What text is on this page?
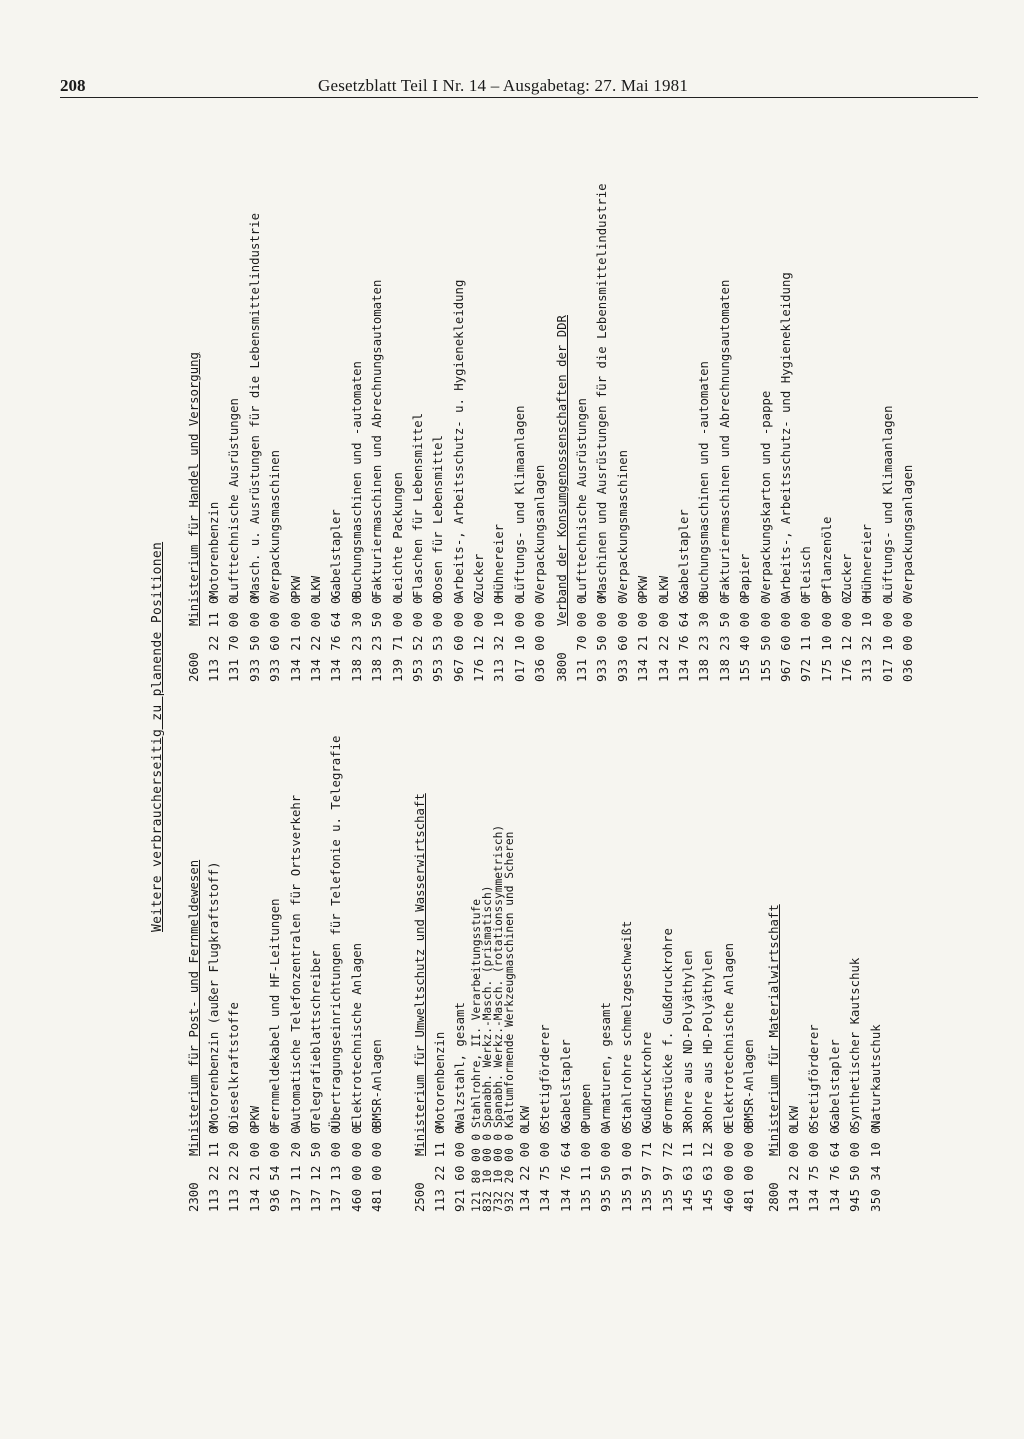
208	Gesetzblatt Teil I Nr. 14 – Ausgabetag: 27. Mai 1981
Weitere verbraucherseitig zu planende Positionen
2300Ministerium für Post- und Fernmeldewesen
113 22 11 0Motorenbenzin (außer Flugkraftstoff)
113 22 20 0Dieselkraftstoffe
134 21 00 0PKW
936 54 00 0Fernmeldekabel und HF-Leitungen
137 11 20 0Automatische Telefonzentralen für Ortsverkehr
137 12 50 0Telegrafieblattschreiber
137 13 00 0Übertragungseinrichtungen für Telefonie u. Telegrafie
460 00 00 0Elektrotechnische Anlagen
481 00 00 0BMSR-Anlagen
2500Ministerium für Umweltschutz und Wasserwirtschaft
113 22 11 0Motorenbenzin
921 60 00 0Walzstahl, gesamt
121 80 00 0Stahlrohre, II. Verarbeitungsstufe
832 10 00 0Spanabh. Werkz.-Masch. (prismatisch)
732 10 00 0Spanabh. Werkz.-Masch. (rotationssymmetrisch)
932 20 00 0Kaltumformende Werkzeugmaschinen und Scheren
134 22 00 0LKW
134 75 00 0Stetigförderer
134 76 64 0Gabelstapler
135 11 00 0Pumpen
935 50 00 0Armaturen, gesamt
135 91 00 0Stahlrohre schmelzgeschweißt
135 97 71 0Gußdruckrohre
135 97 72 0Formstücke f. Gußdruckrohre
145 63 11 3Rohre aus ND-Polyäthylen
145 63 12 3Rohre aus HD-Polyäthylen
460 00 00 0Elektrotechnische Anlagen
481 00 00 0BMSR-Anlagen
2800Ministerium für Materialwirtschaft
134 22 00 0LKW
134 75 00 0Stetigförderer
134 76 64 0Gabelstapler
945 50 00 0Synthetischer Kautschuk
350 34 10 0Naturkautschuk
2600Ministerium für Handel und Versorgung
113 22 11 0Motorenbenzin
131 70 00 0Lufttechnische Ausrüstungen
933 50 00 0Masch. u. Ausrüstungen für die Lebensmittelindustrie
933 60 00 0Verpackungsmaschinen
134 21 00 0PKW
134 22 00 0LKW
134 76 64 0Gabelstapler
138 23 30 0Buchungsmaschinen und -automaten
138 23 50 0Fakturiermaschinen und Abrechnungsautomaten
139 71 00 0Leichte Packungen
953 52 00 0Flaschen für Lebensmittel
953 53 00 0Dosen für Lebensmittel
967 60 00 0Arbeits-, Arbeitsschutz- u. Hygienekleidung
176 12 00 0Zucker
313 32 10 0Hühnereier
017 10 00 0Lüftungs- und Klimaanlagen
036 00 00 0Verpackungsanlagen
3800Verband der Konsumgenossenschaften der DDR
131 70 00 0Lufttechnische Ausrüstungen
933 50 00 0Maschinen und Ausrüstungen für die Lebensmittelindustrie
933 60 00 0Verpackungsmaschinen
134 21 00 0PKW
134 22 00 0LKW
134 76 64 0Gabelstapler
138 23 30 0Buchungsmaschinen und -automaten
138 23 50 0Fakturiermaschinen und Abrechnungsautomaten
155 40 00 0Papier
155 50 00 0Verpackungskarton und -pappe
967 60 00 0Arbeits-, Arbeitsschutz- und Hygienekleidung
972 11 00 0Fleisch
175 10 00 0Pflanzenöle
176 12 00 0Zucker
313 32 10 0Hühnereier
017 10 00 0Lüftungs- und Klimaanlagen
036 00 00 0Verpackungsanlagen
